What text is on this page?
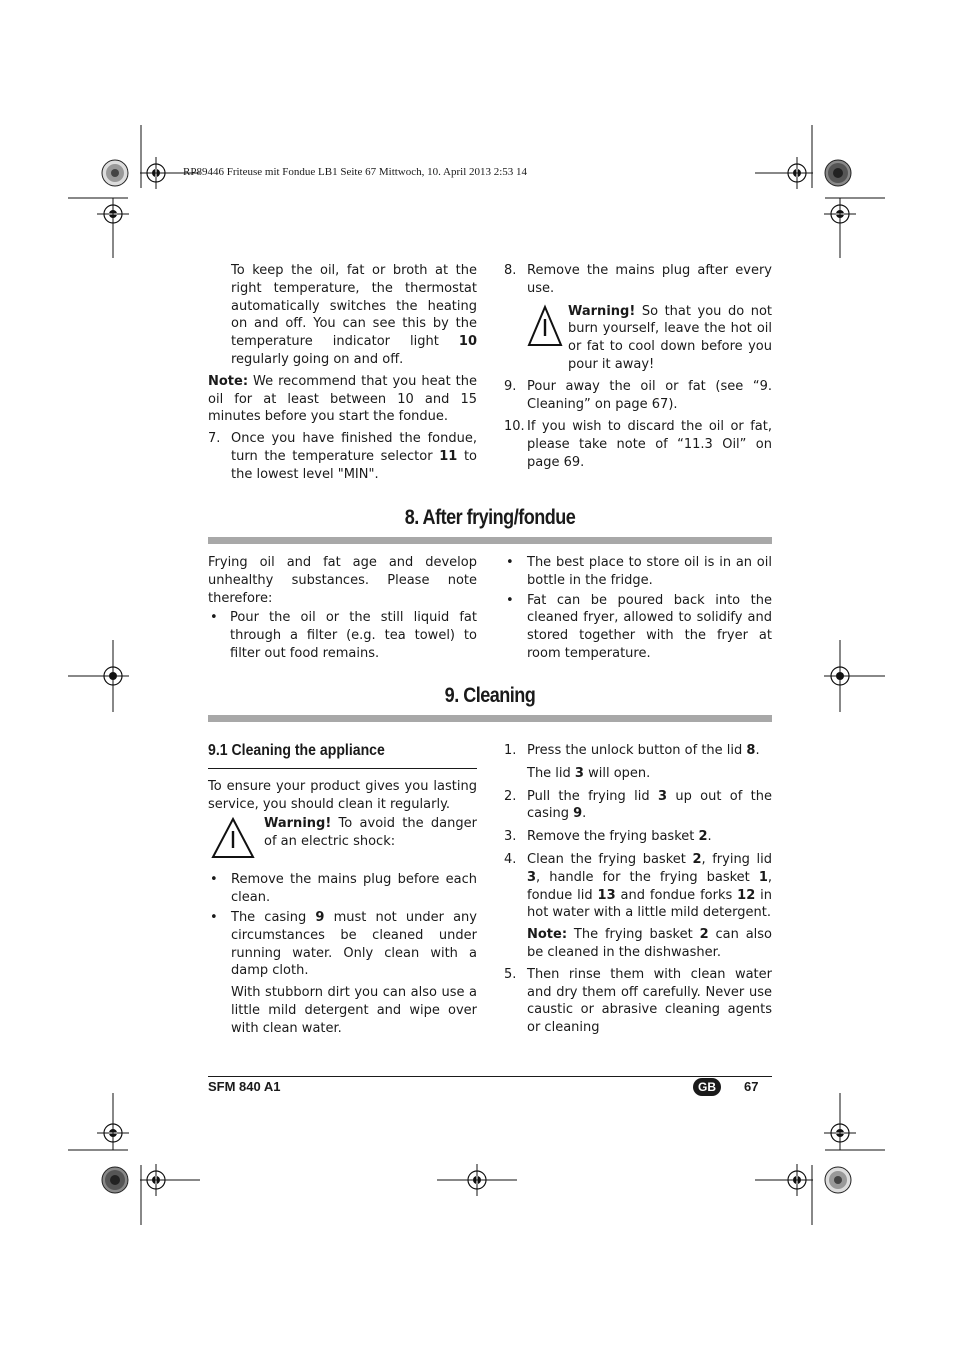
RP89446 Friteuse mit Fondue LB1 Seite 67 Mittwoch, 10. April 2013 2:53 14

To keep the oil, fat or broth at the right temperature, the thermostat automatically switches the heating on and off. You can see this by the temperature indicator light 10 regularly going on and off.

Note: We recommend that you heat the oil for at least between 10 and 15 minutes before you start the fondue.

7. Once you have finished the fondue, turn the temperature selector 11 to the lowest level "MIN".
8. Remove the mains plug after every use.

Warning! So that you do not burn yourself, leave the hot oil or fat to cool down before you pour it away!

9. Pour away the oil or fat (see “9. Cleaning” on page 67).
10. If you wish to discard the oil or fat, please take note of “11.3 Oil” on page 69.
8. After frying/fondue

Frying oil and fat age and develop unhealthy substances. Please note therefore:

• Pour the oil or the still liquid fat through a filter (e.g. tea towel) to filter out food remains.
• The best place to store oil is in an oil bottle in the fridge.
• Fat can be poured back into the cleaned fryer, allowed to solidify and stored together with the fryer at room temperature.
9. Cleaning
9.1 Cleaning the appliance

To ensure your product gives you lasting service, you should clean it regularly.

Warning! To avoid the danger of an electric shock:

• Remove the mains plug before each clean.
• The casing 9 must not under any circumstances be cleaned under running water. Only clean with a damp cloth.

With stubborn dirt you can also use a little mild detergent and wipe over with clean water.

1. Press the unlock button of the lid 8.

The lid 3 will open.

2. Pull the frying lid 3 up out of the casing 9.
3. Remove the frying basket 2.
4. Clean the frying basket 2, frying lid 3, handle for the frying basket 1, fondue lid 13 and fondue forks 12 in hot water with a little mild detergent.

Note: The frying basket 2 can also be cleaned in the dishwasher.

5. Then rinse them with clean water and dry them off carefully. Never use caustic or abrasive cleaning agents or cleaning
SFM 840 A1	GB	67
